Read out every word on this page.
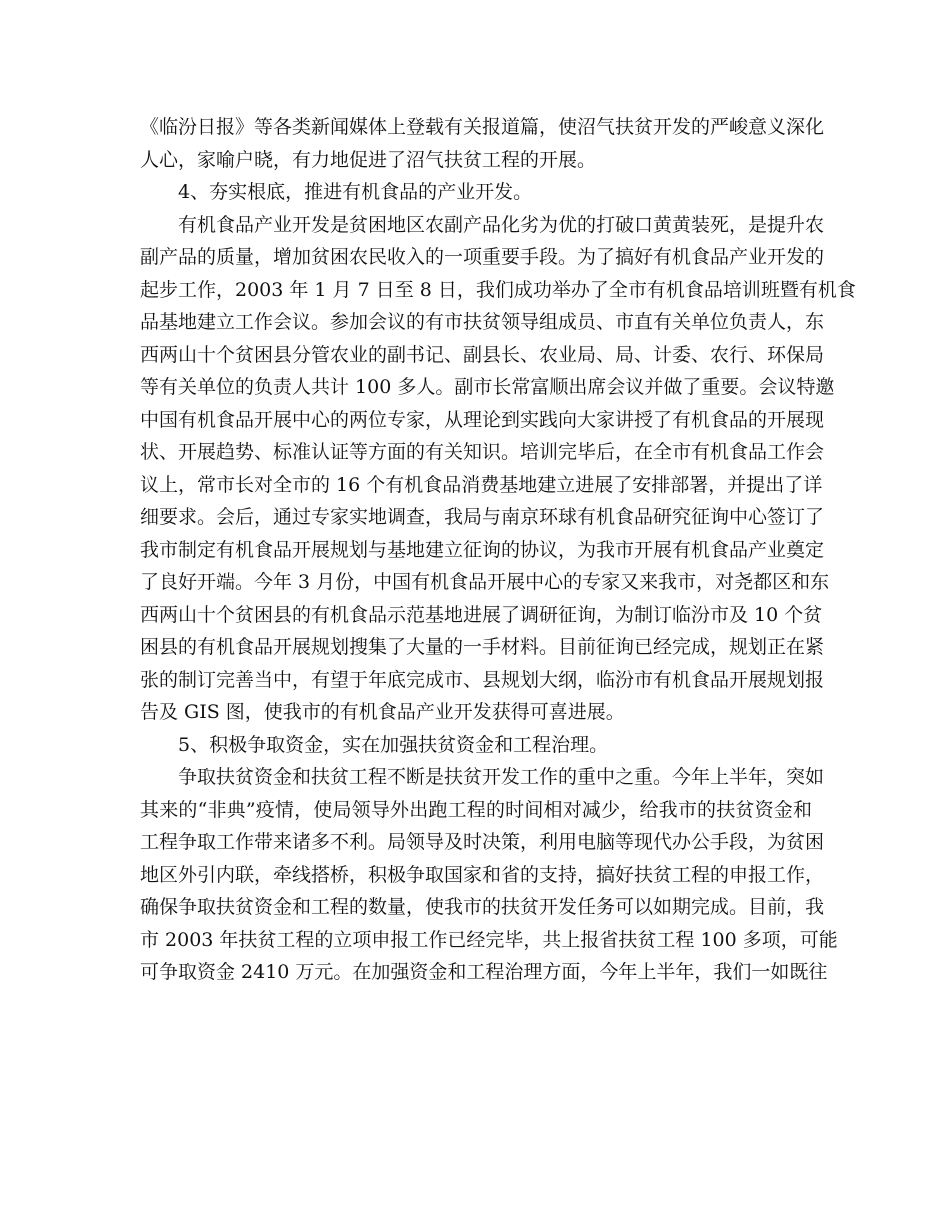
《临汾日报》等各类新闻媒体上登载有关报道篇，使沼气扶贫开发的严峻意义深化
人心，家喻户晓，有力地促进了沼气扶贫工程的开展。
4、夯实根底，推进有机食品的产业开发。
有机食品产业开发是贫困地区农副产品化劣为优的打破口黄黄装死，是提升农
副产品的质量，增加贫困农民收入的一项重要手段。为了搞好有机食品产业开发的
起步工作，2003 年 1 月 7 日至 8 日，我们成功举办了全市有机食品培训班暨有机食
品基地建立工作会议。参加会议的有市扶贫领导组成员、市直有关单位负责人，东
西两山十个贫困县分管农业的副书记、副县长、农业局、局、计委、农行、环保局
等有关单位的负责人共计 100 多人。副市长常富顺出席会议并做了重要。会议特邀
中国有机食品开展中心的两位专家，从理论到实践向大家讲授了有机食品的开展现
状、开展趋势、标准认证等方面的有关知识。培训完毕后，在全市有机食品工作会
议上，常市长对全市的 16 个有机食品消费基地建立进展了安排部署，并提出了详
细要求。会后，通过专家实地调查，我局与南京环球有机食品研究征询中心签订了
我市制定有机食品开展规划与基地建立征询的协议，为我市开展有机食品产业奠定
了良好开端。今年 3 月份，中国有机食品开展中心的专家又来我市，对尧都区和东
西两山十个贫困县的有机食品示范基地进展了调研征询，为制订临汾市及 10 个贫
困县的有机食品开展规划搜集了大量的一手材料。目前征询已经完成，规划正在紧
张的制订完善当中，有望于年底完成市、县规划大纲，临汾市有机食品开展规划报
告及 GIS 图，使我市的有机食品产业开发获得可喜进展。
5、积极争取资金，实在加强扶贫资金和工程治理。
争取扶贫资金和扶贫工程不断是扶贫开发工作的重中之重。今年上半年，突如
其来的“非典”疫情，使局领导外出跑工程的时间相对减少，给我市的扶贫资金和
工程争取工作带来诸多不利。局领导及时决策，利用电脑等现代办公手段，为贫困
地区外引内联，牵线搭桥，积极争取国家和省的支持，搞好扶贫工程的申报工作，
确保争取扶贫资金和工程的数量，使我市的扶贫开发任务可以如期完成。目前，我
市 2003 年扶贫工程的立项申报工作已经完毕，共上报省扶贫工程 100 多项，可能
可争取资金 2410 万元。在加强资金和工程治理方面，今年上半年，我们一如既往
